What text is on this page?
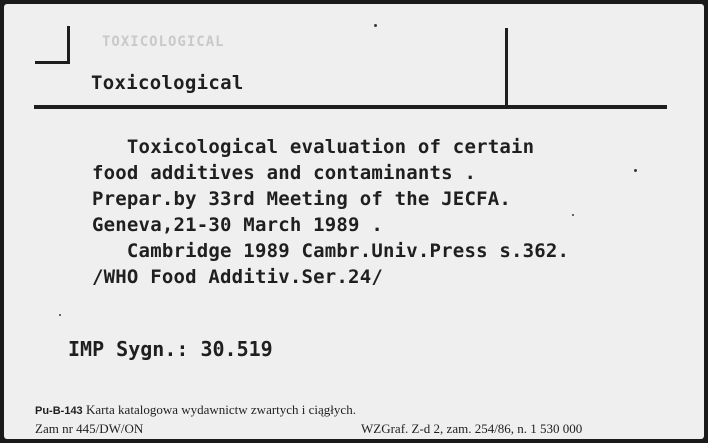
TOXICOLOGICAL
Toxicological
Toxicological evaluation of certain
food additives and contaminants .
Prepar.by 33rd Meeting of the JECFA.
Geneva,21-30 March 1989 .
Cambridge 1989 Cambr.Univ.Press s.362.
/WHO Food Additiv.Ser.24/
IMP Sygn.: 30.519
Pu-B-143 Karta katalogowa wydawnictw zwartych i ciągłych.
Zam nr 445/DW/ON	WZGraf. Z-d 2, zam. 254/86, n. 1 530 000
